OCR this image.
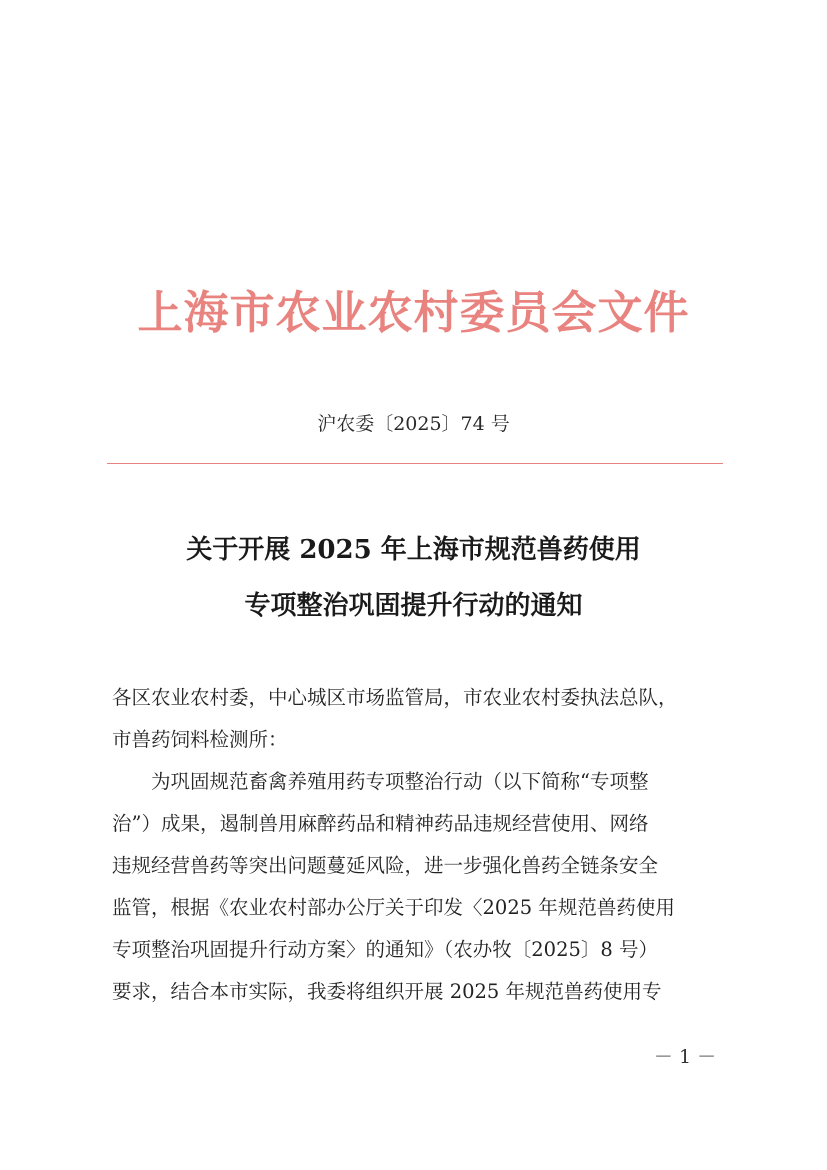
上海市农业农村委员会文件
沪农委〔2025〕74 号
关于开展 2025 年上海市规范兽药使用
专项整治巩固提升行动的通知
各区农业农村委，中心城区市场监管局，市农业农村委执法总队，
市兽药饲料检测所：
为巩固规范畜禽养殖用药专项整治行动（以下简称“专项整
治”）成果，遏制兽用麻醉药品和精神药品违规经营使用、网络
违规经营兽药等突出问题蔓延风险，进一步强化兽药全链条安全
监管，根据《农业农村部办公厅关于印发〈2025 年规范兽药使用
专项整治巩固提升行动方案〉的通知》（农办牧〔2025〕8 号）
要求，结合本市实际，我委将组织开展 2025 年规范兽药使用专
－ 1 －
